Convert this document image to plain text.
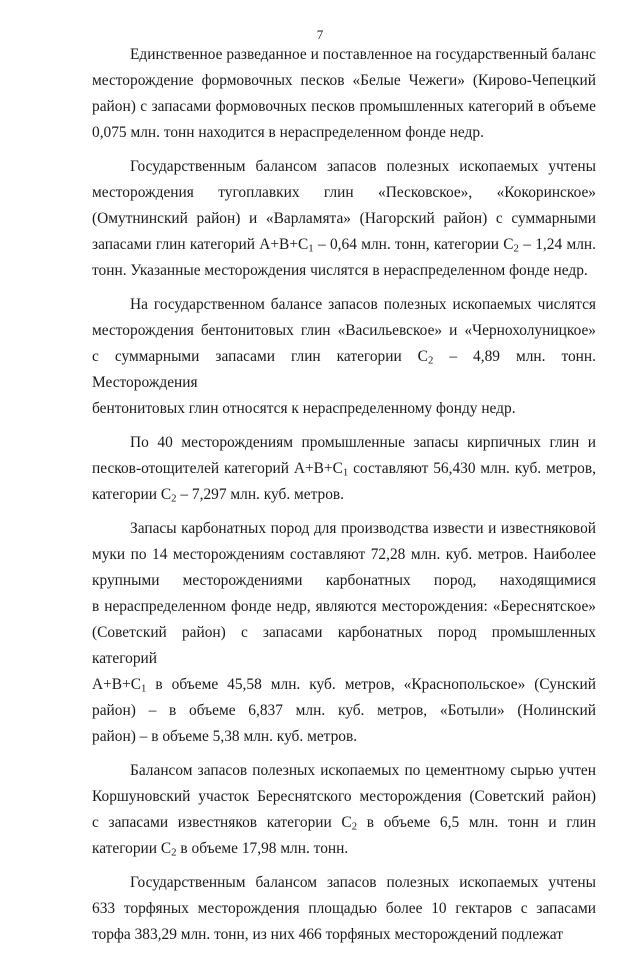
7

Единственное разведанное и поставленное на государственный баланс
месторождение формовочных песков «Белые Чежеги» (Кирово-Чепецкий
район) с запасами формовочных песков промышленных категорий в объеме
0,075 млн. тонн находится в нераспределенном фонде недр.

Государственным балансом запасов полезных ископаемых учтены
месторождения тугоплавких глин «Песковское», «Кокоринское»
(Омутнинский район) и «Варламята» (Нагорский район) с суммарными
запасами глин категорий $A+B+C_1 - 0,64$ млн. тонн, категории $C_2 - 1,24$ млн.
тонн. Указанные месторождения числятся в нераспределенном фонде недр.

На государственном балансе запасов полезных ископаемых числятся
месторождения бентонитовых глин «Васильевское» и «Чернохолуницкое»
с суммарными запасами глин категории $C_2 - 4,89$ млн. тонн. Месторождения
бентонитовых глин относятся к нераспределенному фонду недр.

По 40 месторождениям промышленные запасы кирпичных глин и
песков-отощителей категорий $A+B+C_1$ составляют 56,430 млн. куб. метров,
категории $C_2 - 7,297$ млн. куб. метров.

Запасы карбонатных пород для производства извести и известняковой
муки по 14 месторождениям составляют 72,28 млн. куб. метров. Наиболее
крупными месторождениями карбонатных пород, находящимися
в нераспределенном фонде недр, являются месторождения: «Береснятское»
(Советский район) с запасами карбонатных пород промышленных категорий
$A+B+C_1$ в объеме 45,58 млн. куб. метров, «Краснопольское» (Сунский
район) – в объеме 6,837 млн. куб. метров, «Ботыли» (Нолинский
район) – в объеме 5,38 млн. куб. метров.

Балансом запасов полезных ископаемых по цементному сырью учтен
Коршуновский участок Береснятского месторождения (Советский район)
с запасами известняков категории $C_2$ в объеме 6,5 млн. тонн и глин
категории $C_2$ в объеме 17,98 млн. тонн.

Государственным балансом запасов полезных ископаемых учтены
633 торфяных месторождения площадью более 10 гектаров с запасами
торфа 383,29 млн. тонн, из них 466 торфяных месторождений подлежат
